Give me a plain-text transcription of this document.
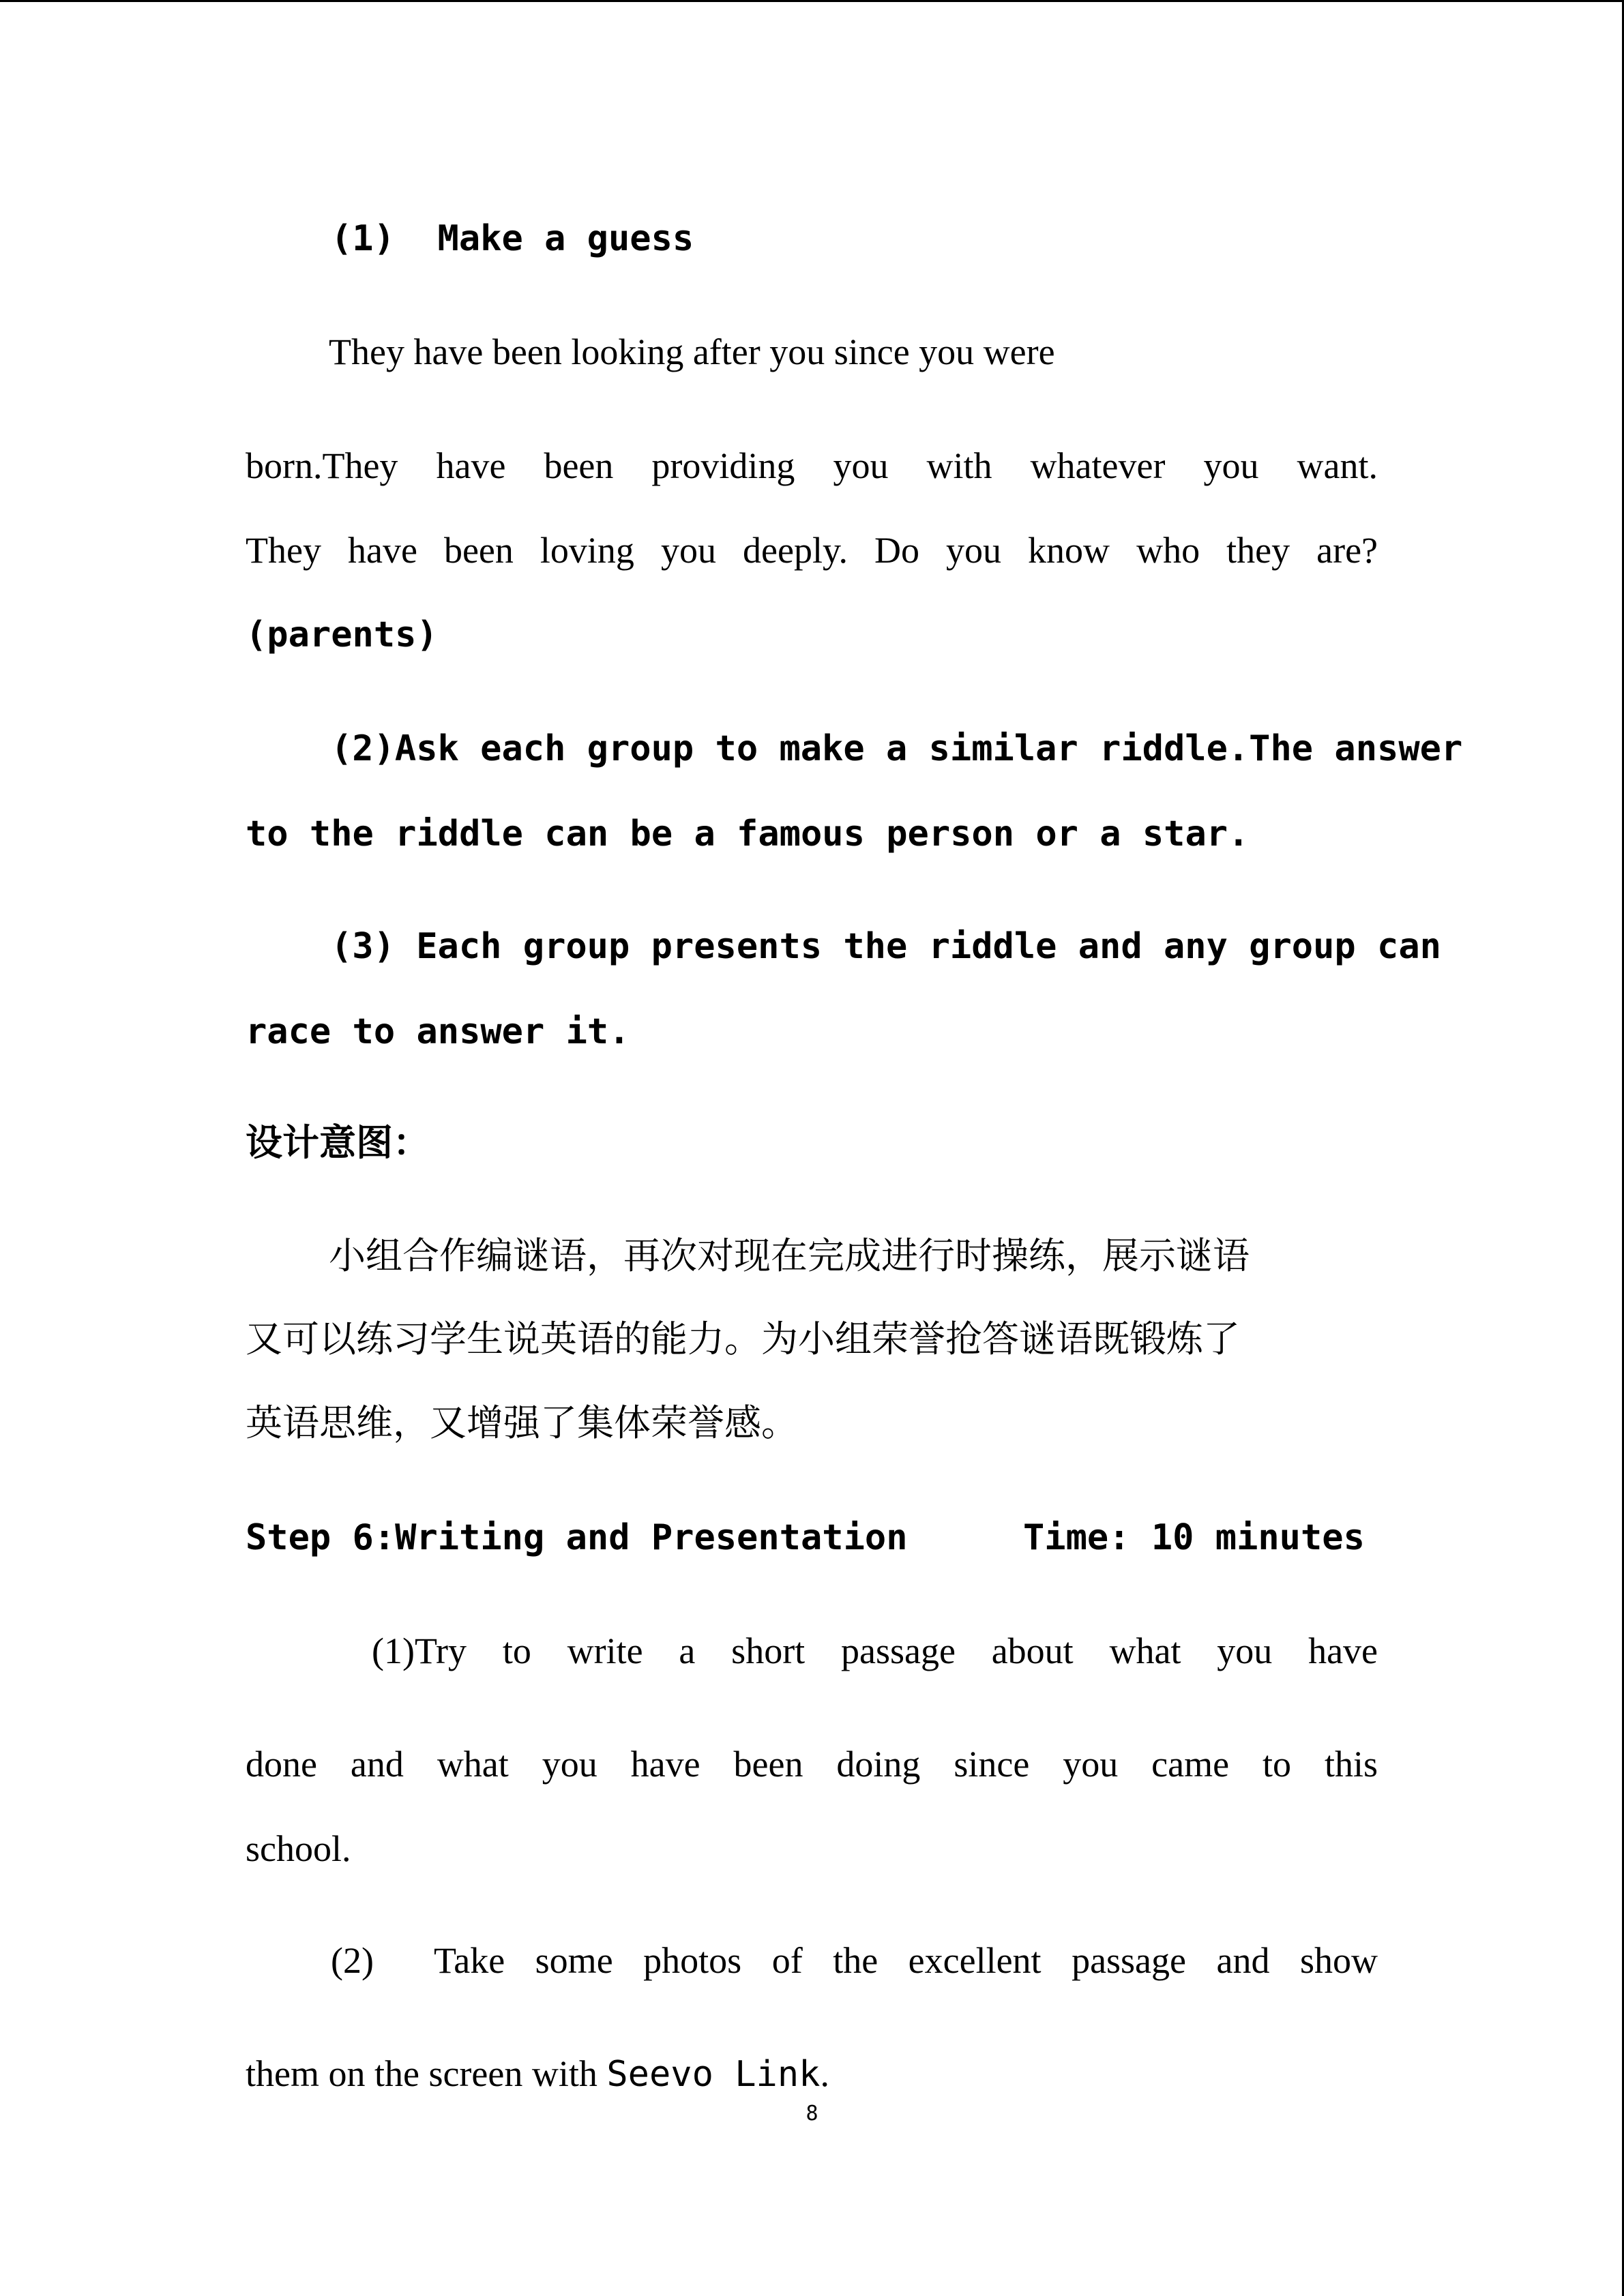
(1)  Make a guess
They have been looking after you since you were
born.They have been providing you with whatever you want.
They have been loving you deeply. Do you know who they are?
(parents)
(2)Ask each group to make a similar riddle.The answer
to the riddle can be a famous person or a star.
(3) Each group presents the riddle and any group can
race to answer it.
设计意图：
小组合作编谜语，再次对现在完成进行时操练，展示谜语
又可以练习学生说英语的能力。为小组荣誉抢答谜语既锻炼了
英语思维，又增强了集体荣誉感。
Step 6:Writing and Presentation	Time: 10 minutes
(1)Try to write a short passage about what you have
done and what you have been doing since you came to this
school.
(2)  Take some photos of the excellent passage and show
them on the screen with Seevo Link.
8
